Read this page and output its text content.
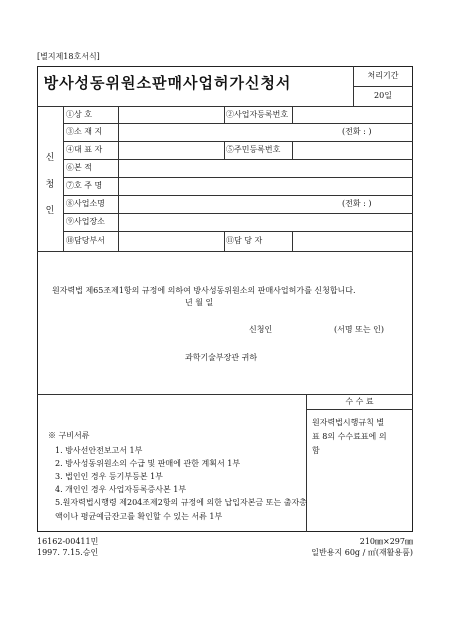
[별지제18호서식]
방사성동위원소판매사업허가신청서	처리기간
20일
신
청
인
①상 호	②사업자등록번호
③소 재 지	(전화 : )
④대 표 자	⑤주민등록번호
⑥본 적
⑦호 주 명
⑧사업소명	(전화 : )
⑨사업장소
⑩담당부서	⑪담 당 자
원자력법 제65조제1항의 규정에 의하여 방사성동위원소의 판매사업허가를 신청합니다.
년 월 일
신청인	(서명 또는 인)
과학기술부장관 귀하
수 수 료
원자력법시행규칙 별
표 8의 수수료표에 의
함
※ 구비서류
1. 방사선안전보고서 1부
2. 방사성동위원소의 수급 및 판매에 관한 계획서 1부
3. 법인인 경우 등기부등본 1부
4. 개인인 경우 사업자등록증사본 1부
5.원자력법시행령 제204조제2항의 규정에 의한 납입자본금 또는 출자총
액이나 평균예금잔고를 확인할 수 있는 서류 1부
16162-00411민
1997. 7.15.승인
210㎜×297㎜
일반용지 60g / ㎡(재활용품)
